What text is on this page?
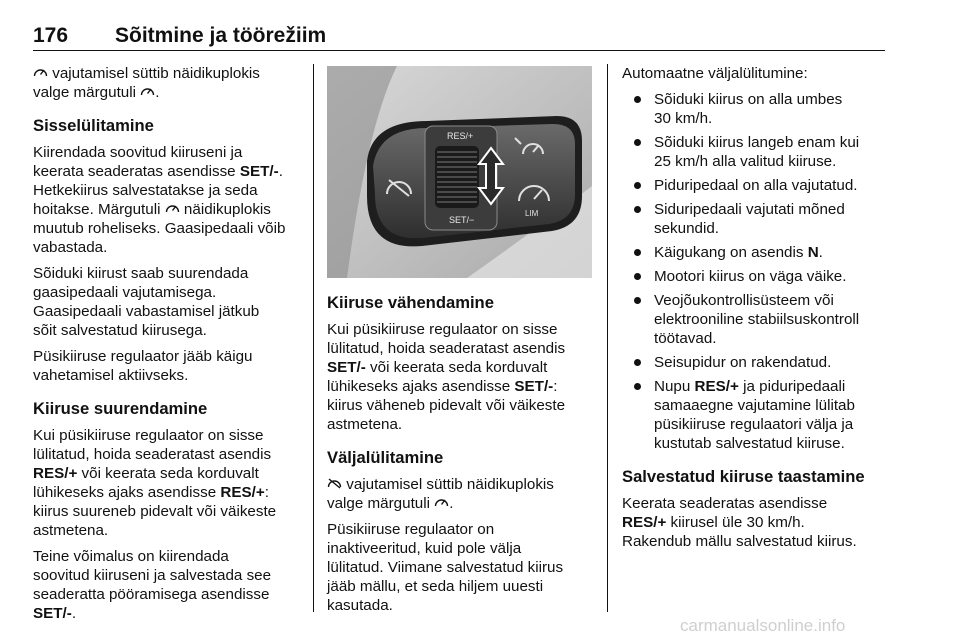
176 Sõitmine ja töörežiim

vajutamisel süttib näidikuplokis
valge märgutuli .

Sisselülitamine

Kiirendada soovitud kiiruseni ja
keerata seaderatas asendisse SET/-.
Hetkekiirus salvestatakse ja seda
hoitakse. Märgutuli  näidikuplokis
muutub roheliseks. Gaasipedaali võib
vabastada.

Sõiduki kiirust saab suurendada
gaasipedaali vajutamisega.
Gaasipedaali vabastamisel jätkub
sõit salvestatud kiirusega.

Püsikiiruse regulaator jääb käigu
vahetamisel aktiivseks.

Kiiruse suurendamine

Kui püsikiiruse regulaator on sisse
lülitatud, hoida seaderatast asendis
RES/+ või keerata seda korduvalt
lühikeseks ajaks asendisse RES/+:
kiirus suureneb pidevalt või väikeste
astmetena.

Teine võimalus on kiirendada
soovitud kiiruseni ja salvestada see
seaderatta pööramisega asendisse
SET/-.

RES/+
SET/−
LIM
Kiiruse vähendamine

Kui püsikiiruse regulaator on sisse
lülitatud, hoida seaderatast asendis
SET/- või keerata seda korduvalt
lühikeseks ajaks asendisse SET/-:
kiirus väheneb pidevalt või väikeste
astmetena.

Väljalülitamine

vajutamisel süttib näidikuplokis
valge märgutuli .

Püsikiiruse regulaator on
inaktiveeritud, kuid pole välja
lülitatud. Viimane salvestatud kiirus
jääb mällu, et seda hiljem uuesti
kasutada.

Automaatne väljalülitumine:

Sõiduki kiirus on alla umbes
30 km/h.
Sõiduki kiirus langeb enam kui
25 km/h alla valitud kiiruse.
Piduripedaal on alla vajutatud.
Siduripedaali vajutati mõned
sekundid.
Käigukang on asendis N.
Mootori kiirus on väga väike.
Veojõukontrollisüsteem või
elektrooniline stabiilsuskontroll
töötavad.
Seisupidur on rakendatud.
Nupu RES/+ ja piduripedaali
samaaegne vajutamine lülitab
püsikiiruse regulaatori välja ja
kustutab salvestatud kiiruse.
Salvestatud kiiruse taastamine

Keerata seaderatas asendisse
RES/+ kiirusel üle 30 km/h.
Rakendub mällu salvestatud kiirus.

carmanualsonline.info
